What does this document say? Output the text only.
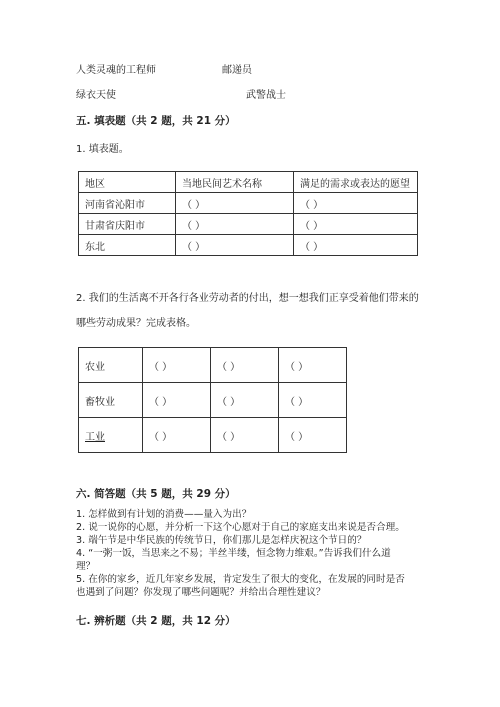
人类灵魂的工程师	邮递员
绿衣天使	武警战士
五. 填表题（共 2 题，共 21 分）
1. 填表题。
地区	当地民间艺术名称	满足的需求或表达的愿望
河南省沁阳市	（ ）	（ ）
甘肃省庆阳市	（ ）	（ ）
东北	（ ）	（ ）
2. 我们的生活离不开各行各业劳动者的付出，想一想我们正享受着他们带来的
哪些劳动成果？完成表格。
农业	（ ）	（ ）	（ ）
畜牧业	（ ）	（ ）	（ ）
工业	（ ）	（ ）	（ ）
六. 简答题（共 5 题，共 29 分）
1. 怎样做到有计划的消费——量入为出？
2. 说一说你的心愿，并分析一下这个心愿对于自己的家庭支出来说是否合理。
3. 端午节是中华民族的传统节日，你们那儿是怎样庆祝这个节日的？
4. “一粥一饭，当思来之不易；半丝半缕，恒念物力维艰。”告诉我们什么道
理？
5. 在你的家乡，近几年家乡发展，肯定发生了很大的变化，在发展的同时是否
也遇到了问题？你发现了哪些问题呢？并给出合理性建议？
七. 辨析题（共 2 题，共 12 分）
